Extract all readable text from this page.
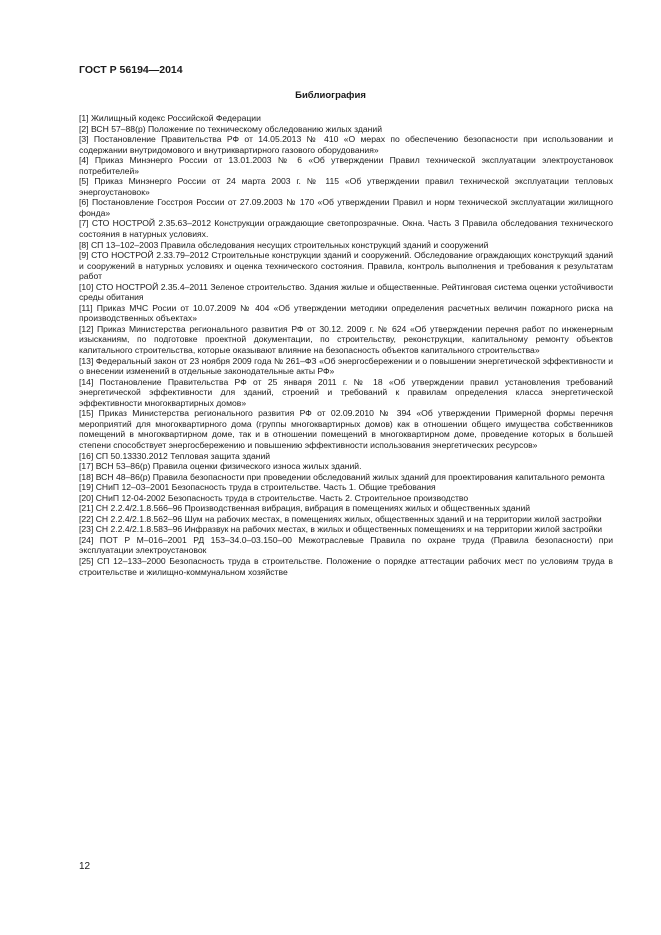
ГОСТ Р 56194—2014
Библиография

[1] Жилищный кодекс Российской Федерации

[2] ВСН 57–88(р) Положение по техническому обследованию жилых зданий

[3] Постановление Правительства РФ от 14.05.2013 № 410 «О мерах по обеспечению безопасности при использовании и содержании внутридомового и внутриквартирного газового оборудования»

[4] Приказ Минэнерго России от 13.01.2003 № 6 «Об утверждении Правил технической эксплуатации электроустановок потребителей»

[5] Приказ Минэнерго России от 24 марта 2003 г. № 115 «Об утверждении правил технической эксплуатации тепловых энергоустановок»

[6] Постановление Госстроя России от 27.09.2003 № 170 «Об утверждении Правил и норм технической эксплуатации жилищного фонда»

[7] СТО НОСТРОЙ 2.35.63–2012 Конструкции ограждающие светопрозрачные. Окна. Часть 3 Правила обследования технического состояния в натурных условиях.

[8] СП 13–102–2003 Правила обследования несущих строительных конструкций зданий и сооружений

[9] СТО НОСТРОЙ 2.33.79–2012 Строительные конструкции зданий и сооружений. Обследование ограждающих конструкций зданий и сооружений в натурных условиях и оценка технического состояния. Правила, контроль выполнения и требования к результатам работ

[10] СТО НОСТРОЙ 2.35.4–2011 Зеленое строительство. Здания жилые и общественные. Рейтинговая система оценки устойчивости среды обитания

[11] Приказ МЧС Росии от 10.07.2009 № 404 «Об утверждении методики определения расчетных величин пожарного риска на производственных объектах»

[12] Приказ Министерства регионального развития РФ от 30.12. 2009 г. № 624 «Об утверждении перечня работ по инженерным изысканиям, по подготовке проектной документации, по строительству, реконструкции, капитальному ремонту объектов капитального строительства, которые оказывают влияние на безопасность объектов капитального строительства»

[13] Федеральный закон от 23 ноября 2009 года № 261–ФЗ «Об энергосбережении и о повышении энергетической эффективности и о внесении изменений в отдельные законодательные акты РФ»

[14] Постановление Правительства РФ от 25 января 2011 г. № 18 «Об утверждении правил установления требований энергетической эффективности для зданий, строений и требований к правилам определения класса энергетической эффективности многоквартирных домов»

[15] Приказ Министерства регионального развития РФ от 02.09.2010 № 394 «Об утверждении Примерной формы перечня мероприятий для многоквартирного дома (группы многоквартирных домов) как в отношении общего имущества собственников помещений в многоквартирном доме, так и в отношении помещений в многоквартирном доме, проведение которых в большей степени способствует энергосбережению и повышению эффективности использования энергетических ресурсов»

[16] СП 50.13330.2012 Тепловая защита зданий

[17] ВСН 53–86(р) Правила оценки физического износа жилых зданий.

[18] ВСН 48–86(р) Правила безопасности при проведении обследований жилых зданий для проектирования капитального ремонта

[19] СНиП 12–03–2001 Безопасность труда в строительстве. Часть 1. Общие требования

[20] СНиП 12-04-2002 Безопасность труда в строительстве. Часть 2. Строительное производство

[21] СН 2.2.4/2.1.8.566–96 Производственная вибрация, вибрация в помещениях жилых и общественных зданий

[22] СН 2.2.4/2.1.8.562–96 Шум на рабочих местах, в помещениях жилых, общественных зданий и на территории жилой застройки

[23] СН 2.2.4/2.1.8.583–96 Инфразвук на рабочих местах, в жилых и общественных помещениях и на территории жилой застройки

[24] ПОТ Р М–016–2001 РД 153–34.0–03.150–00 Межотраслевые Правила по охране труда (Правила безопасности) при эксплуатации электроустановок

[25] СП 12–133–2000 Безопасность труда в строительстве. Положение о порядке аттестации рабочих мест по условиям труда в строительстве и жилищно-коммунальном хозяйстве

12
